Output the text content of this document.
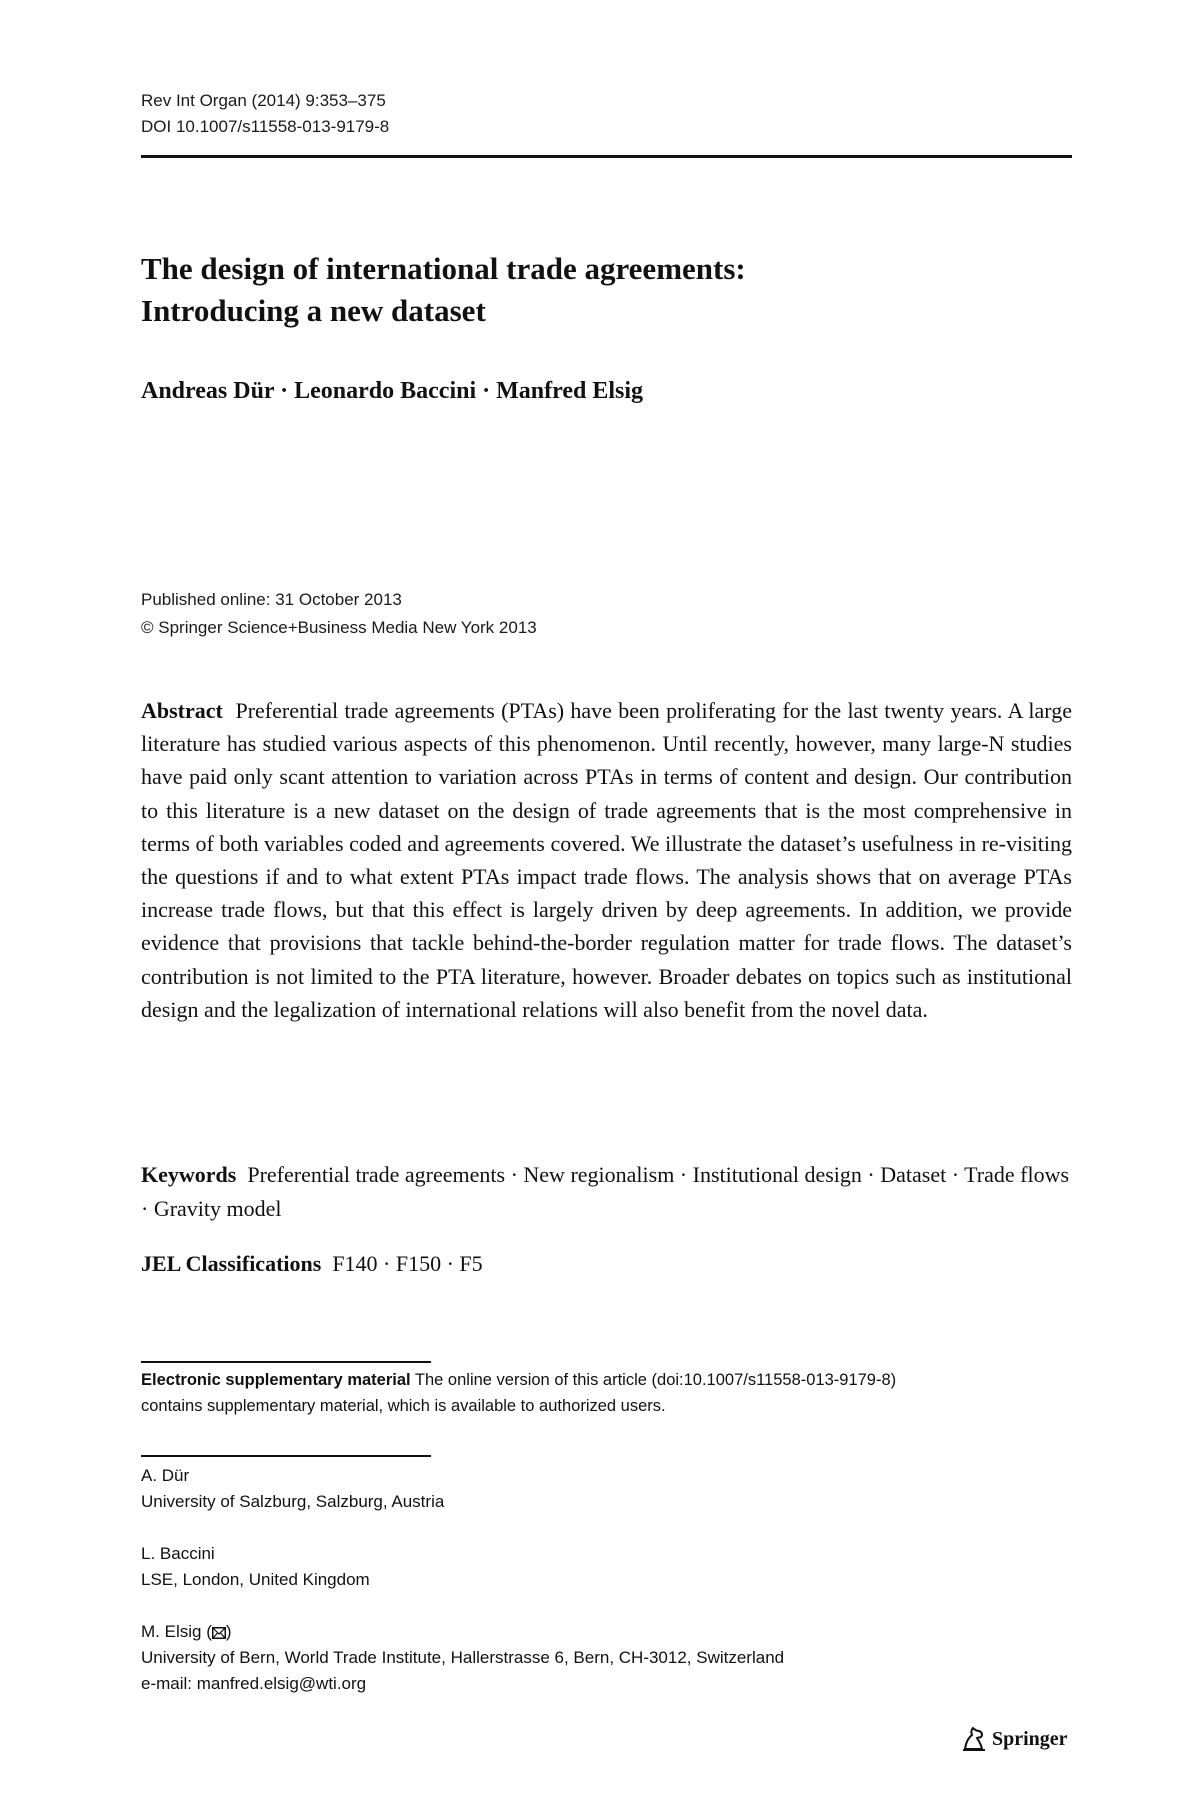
Rev Int Organ (2014) 9:353–375
DOI 10.1007/s11558-013-9179-8
The design of international trade agreements:
Introducing a new dataset
Andreas Dür · Leonardo Baccini · Manfred Elsig
Published online: 31 October 2013
© Springer Science+Business Media New York 2013
Abstract Preferential trade agreements (PTAs) have been proliferating for the last twenty years. A large literature has studied various aspects of this phenomenon. Until recently, however, many large-N studies have paid only scant attention to variation across PTAs in terms of content and design. Our contribution to this literature is a new dataset on the design of trade agreements that is the most comprehensive in terms of both variables coded and agreements covered. We illustrate the dataset’s usefulness in re-visiting the questions if and to what extent PTAs impact trade flows. The analysis shows that on average PTAs increase trade flows, but that this effect is largely driven by deep agreements. In addition, we provide evidence that provisions that tackle behind-the-border regulation matter for trade flows. The dataset’s contribution is not limited to the PTA literature, however. Broader debates on topics such as institutional design and the legalization of international relations will also benefit from the novel data.
Keywords Preferential trade agreements · New regionalism · Institutional design · Dataset · Trade flows · Gravity model
JEL Classifications F140 · F150 · F5
Electronic supplementary material The online version of this article (doi:10.1007/s11558-013-9179-8) contains supplementary material, which is available to authorized users.
A. Dür
University of Salzburg, Salzburg, Austria
L. Baccini
LSE, London, United Kingdom
M. Elsig ( )
University of Bern, World Trade Institute, Hallerstrasse 6, Bern, CH-3012, Switzerland
e-mail: manfred.elsig@wti.org
Springer
